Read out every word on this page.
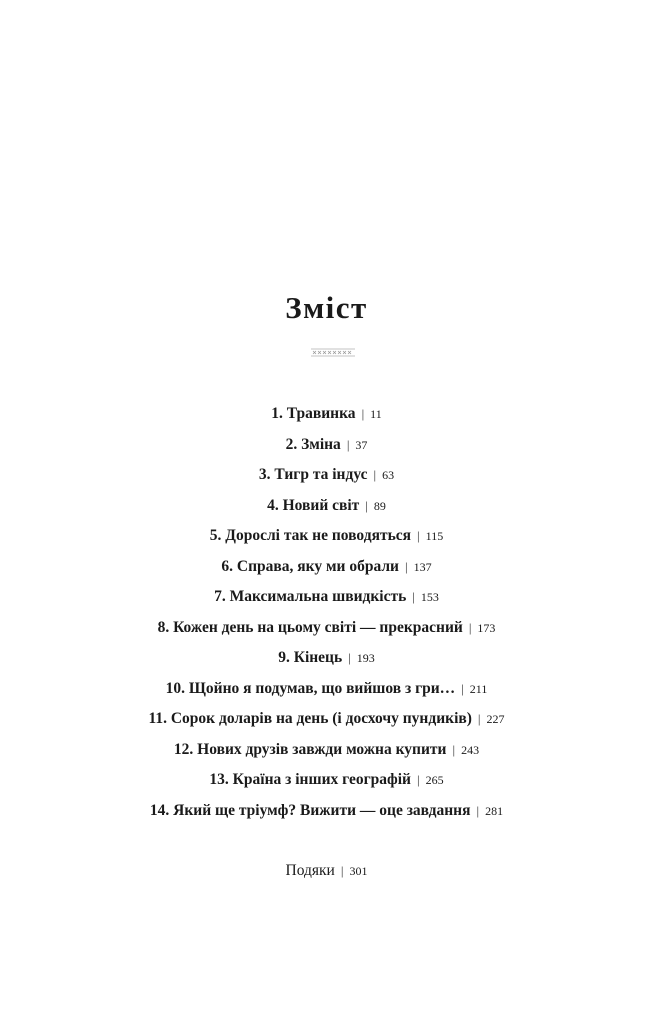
Зміст
1. Травинка | 11
2. Зміна | 37
3. Тигр та індус | 63
4. Новий світ | 89
5. Дорослі так не поводяться | 115
6. Справа, яку ми обрали | 137
7. Максимальна швидкість | 153
8. Кожен день на цьому світі — прекрасний | 173
9. Кінець | 193
10. Щойно я подумав, що вийшов з гри… | 211
11. Сорок доларів на день (і досхочу пундиків) | 227
12. Нових друзів завжди можна купити | 243
13. Країна з інших географій | 265
14. Який ще тріумф? Вижити — оце завдання | 281
Подяки | 301
